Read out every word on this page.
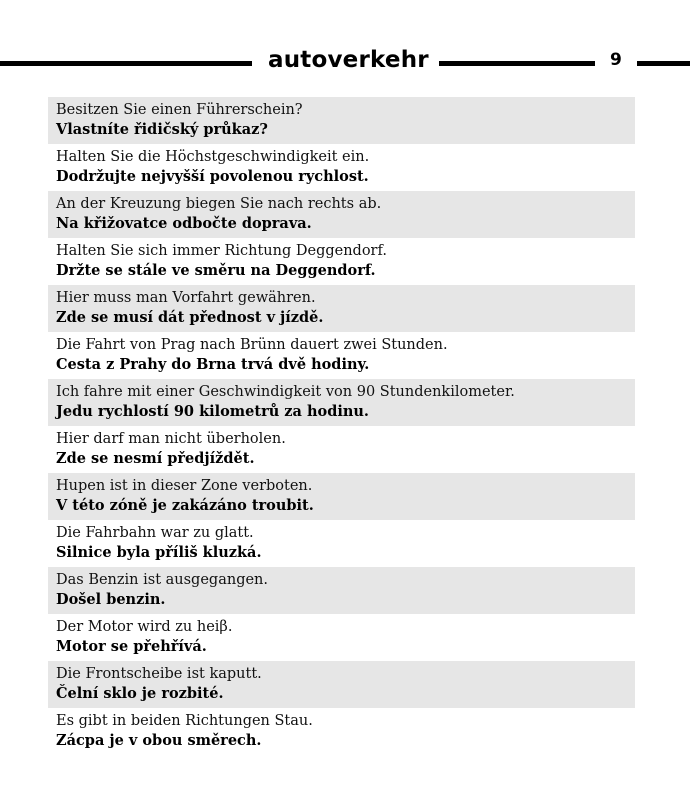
autoverkehr	9
Besitzen Sie einen Führerschein?
Vlastníte řidičský průkaz?
Halten Sie die Höchstgeschwindigkeit ein.
Dodržujte nejvyšší povolenou rychlost.
An der Kreuzung biegen Sie nach rechts ab.
Na křižovatce odbočte doprava.
Halten Sie sich immer Richtung Deggendorf.
Držte se stále ve směru na Deggendorf.
Hier muss man Vorfahrt gewähren.
Zde se musí dát přednost v jízdě.
Die Fahrt von Prag nach Brünn dauert zwei Stunden.
Cesta z Prahy do Brna trvá dvě hodiny.
Ich fahre mit einer Geschwindigkeit von 90 Stundenkilometer.
Jedu rychlostí 90 kilometrů za hodinu.
Hier darf man nicht überholen.
Zde se nesmí předjíždět.
Hupen ist in dieser Zone verboten.
V této zóně je zakázáno troubit.
Die Fahrbahn war zu glatt.
Silnice byla příliš kluzká.
Das Benzin ist ausgegangen.
Došel benzin.
Der Motor wird zu heiβ.
Motor se přehřívá.
Die Frontscheibe ist kaputt.
Čelní sklo je rozbité.
Es gibt in beiden Richtungen Stau.
Zácpa je v obou směrech.
